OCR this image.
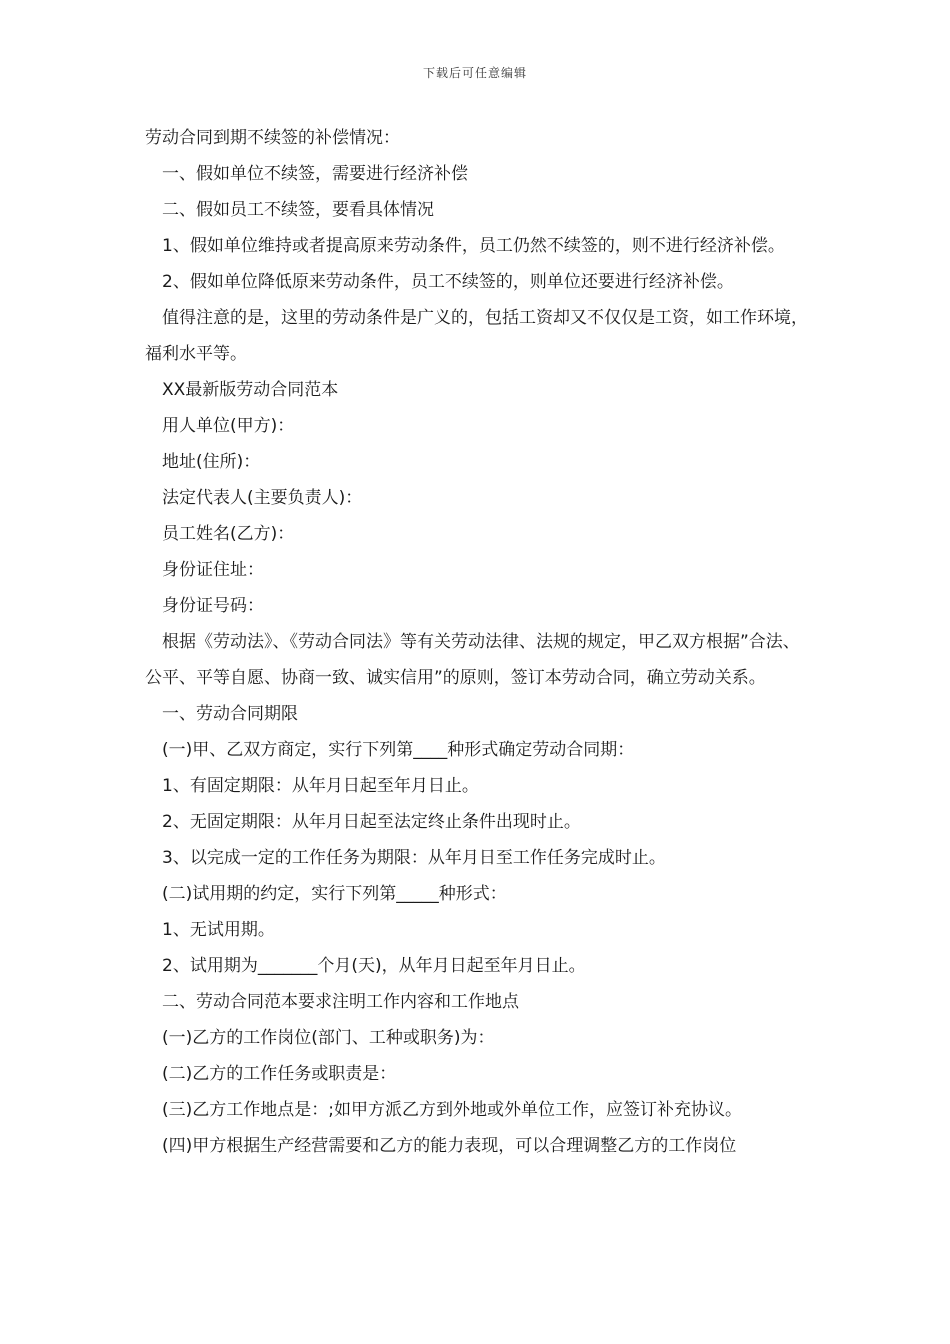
下载后可任意编辑

劳动合同到期不续签的补偿情况：

一、假如单位不续签，需要进行经济补偿

二、假如员工不续签，要看具体情况

1、假如单位维持或者提高原来劳动条件，员工仍然不续签的，则不进行经济补偿。

2、假如单位降低原来劳动条件，员工不续签的，则单位还要进行经济补偿。

值得注意的是，这里的劳动条件是广义的，包括工资却又不仅仅是工资，如工作环境，福利水平等。

XX最新版劳动合同范本

用人单位(甲方)：

地址(住所)：

法定代表人(主要负责人)：

员工姓名(乙方)：

身份证住址：

身份证号码：

根据《劳动法》、《劳动合同法》等有关劳动法律、法规的规定，甲乙双方根据”合法、公平、平等自愿、协商一致、诚实信用”的原则，签订本劳动合同，确立劳动关系。

一、劳动合同期限

(一)甲、乙双方商定，实行下列第____种形式确定劳动合同期：

1、有固定期限：从年月日起至年月日止。

2、无固定期限：从年月日起至法定终止条件出现时止。

3、以完成一定的工作任务为期限：从年月日至工作任务完成时止。

(二)试用期的约定，实行下列第_____种形式：

1、无试用期。

2、试用期为_______个月(天)，从年月日起至年月日止。

二、劳动合同范本要求注明工作内容和工作地点

(一)乙方的工作岗位(部门、工种或职务)为：

(二)乙方的工作任务或职责是：

(三)乙方工作地点是：;如甲方派乙方到外地或外单位工作，应签订补充协议。

(四)甲方根据生产经营需要和乙方的能力表现，可以合理调整乙方的工作岗位
